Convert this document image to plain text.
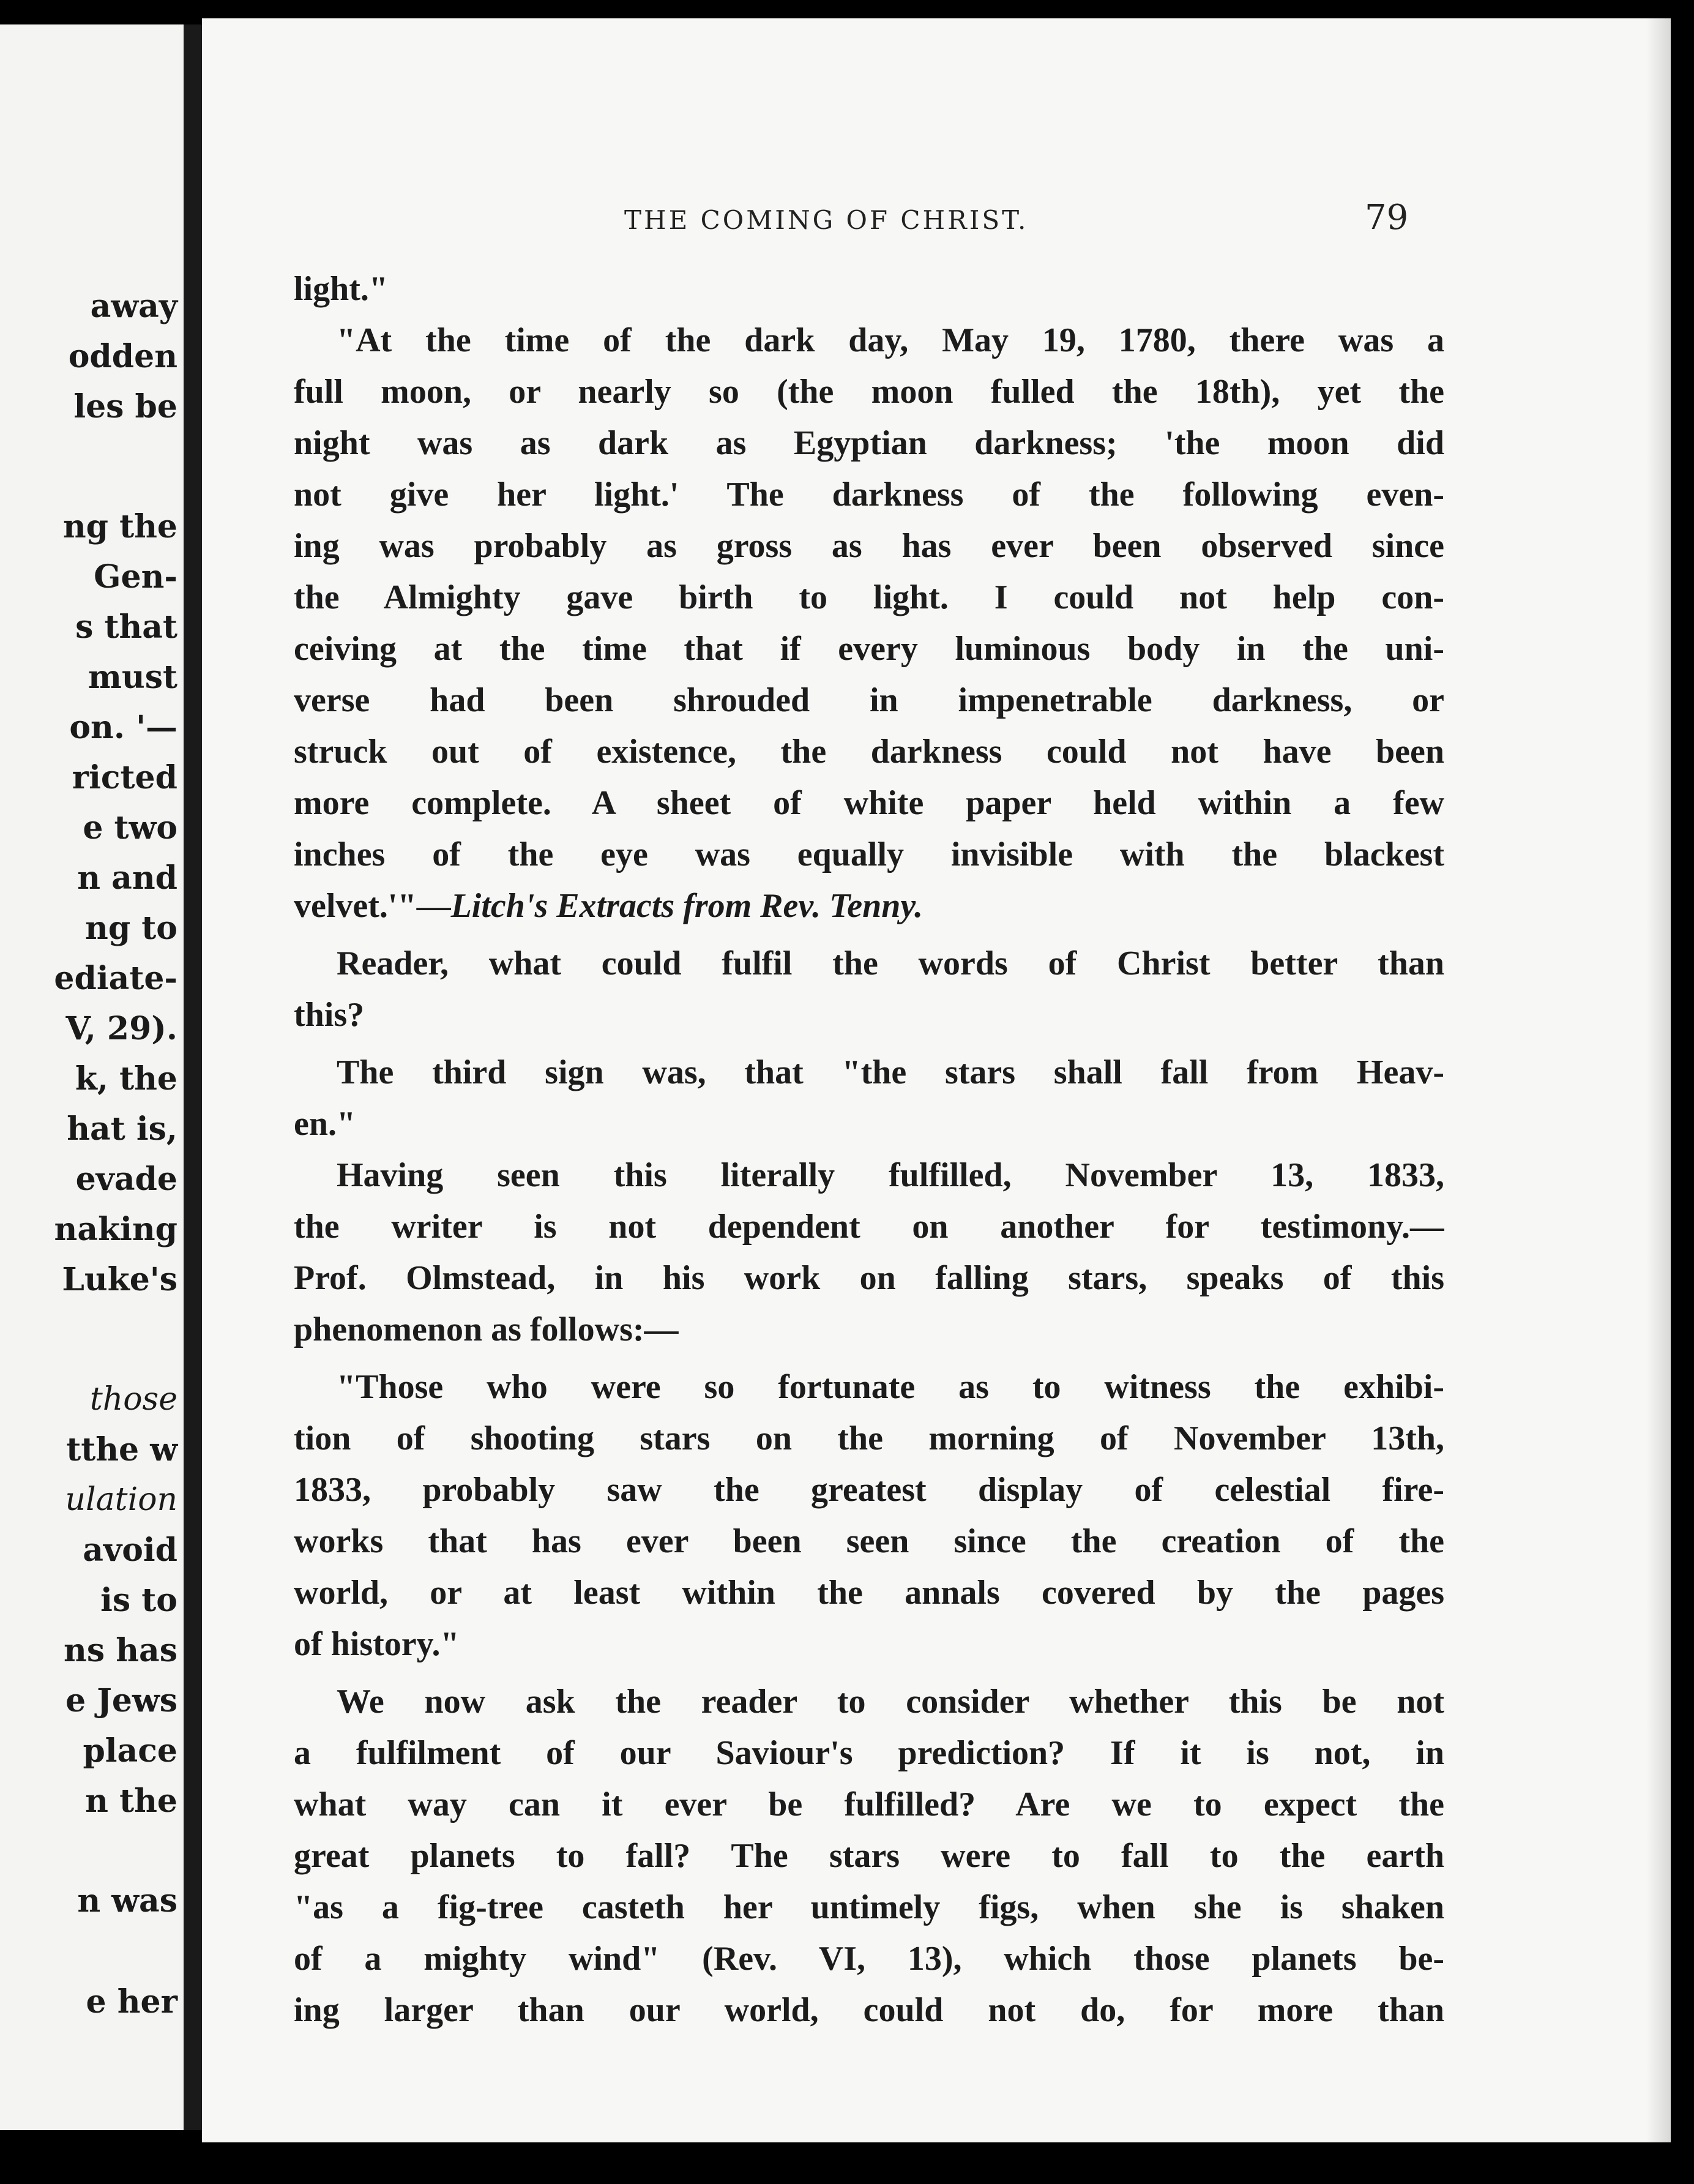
away
odden
les be
ng the
Gen-
s that
must
on. '—
ricted
e two
n and
ng to
ediate-
V, 29).
k, the
hat is,
evade
naking
Luke's
those
tthe w
ulation
avoid
is to
ns has
e Jews
place
n the
n was
e her
THE COMING OF CHRIST.	79
light."
"At the time of the dark day, May 19, 1780, there was a
full moon, or nearly so (the moon fulled the 18th), yet the
night was as dark as Egyptian darkness; 'the moon did
not give her light.' The darkness of the following even-
ing was probably as gross as has ever been observed since
the Almighty gave birth to light. I could not help con-
ceiving at the time that if every luminous body in the uni-
verse had been shrouded in impenetrable darkness, or
struck out of existence, the darkness could not have been
more complete. A sheet of white paper held within a few
inches of the eye was equally invisible with the blackest
velvet.'"—Litch's Extracts from Rev. Tenny.
Reader, what could fulfil the words of Christ better than
this?
The third sign was, that "the stars shall fall from Heav-
en."
Having seen this literally fulfilled, November 13, 1833,
the writer is not dependent on another for testimony.—
Prof. Olmstead, in his work on falling stars, speaks of this
phenomenon as follows:—
"Those who were so fortunate as to witness the exhibi-
tion of shooting stars on the morning of November 13th,
1833, probably saw the greatest display of celestial fire-
works that has ever been seen since the creation of the
world, or at least within the annals covered by the pages
of history."
We now ask the reader to consider whether this be not
a fulfilment of our Saviour's prediction? If it is not, in
what way can it ever be fulfilled? Are we to expect the
great planets to fall? The stars were to fall to the earth
"as a fig-tree casteth her untimely figs, when she is shaken
of a mighty wind" (Rev. VI, 13), which those planets be-
ing larger than our world, could not do, for more than
